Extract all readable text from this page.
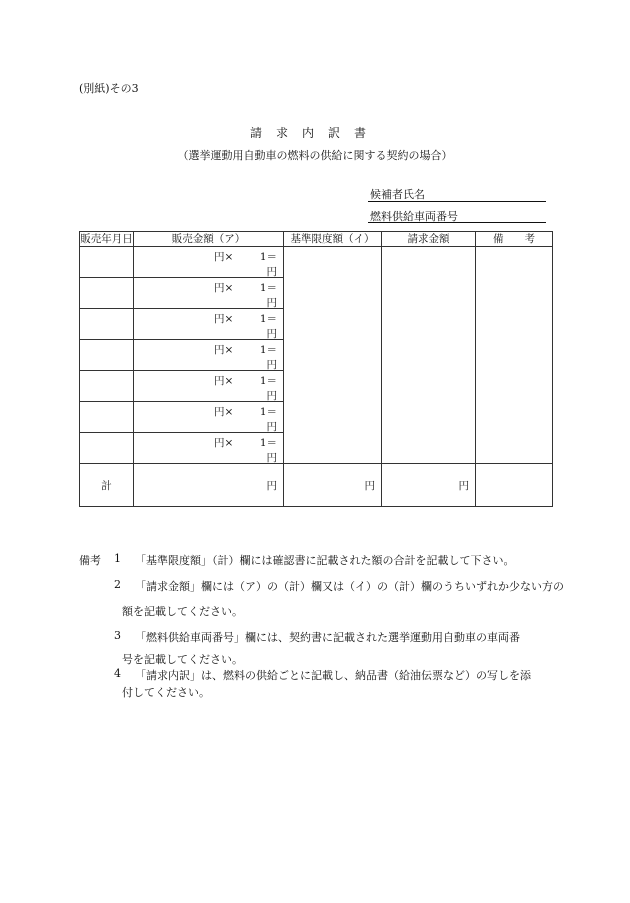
(別紙)その3
請求内訳書
（選挙運動用自動車の燃料の供給に関する契約の場合）
候補者氏名
燃料供給車両番号
販売年月日	販売金額（ア）	基準限度額（イ）	請求金額	備　　考

	円× 1＝
円			

	円× 1＝
円			

	円× 1＝
円			

	円× 1＝
円			

	円× 1＝
円			

	円× 1＝
円			

	円× 1＝
円			

計	円	円	円	
備考 1 「基準限度額」（計）欄には確認書に記載された額の合計を記載して下さい。
2 「請求金額」欄には（ア）の（計）欄又は（イ）の（計）欄のうちいずれか少ない方の
額を記載してください。
3 「燃料供給車両番号」欄には、契約書に記載された選挙運動用自動車の車両番
号を記載してください。
4 「請求内訳」は、燃料の供給ごとに記載し、納品書（給油伝票など）の写しを添
付してください。
